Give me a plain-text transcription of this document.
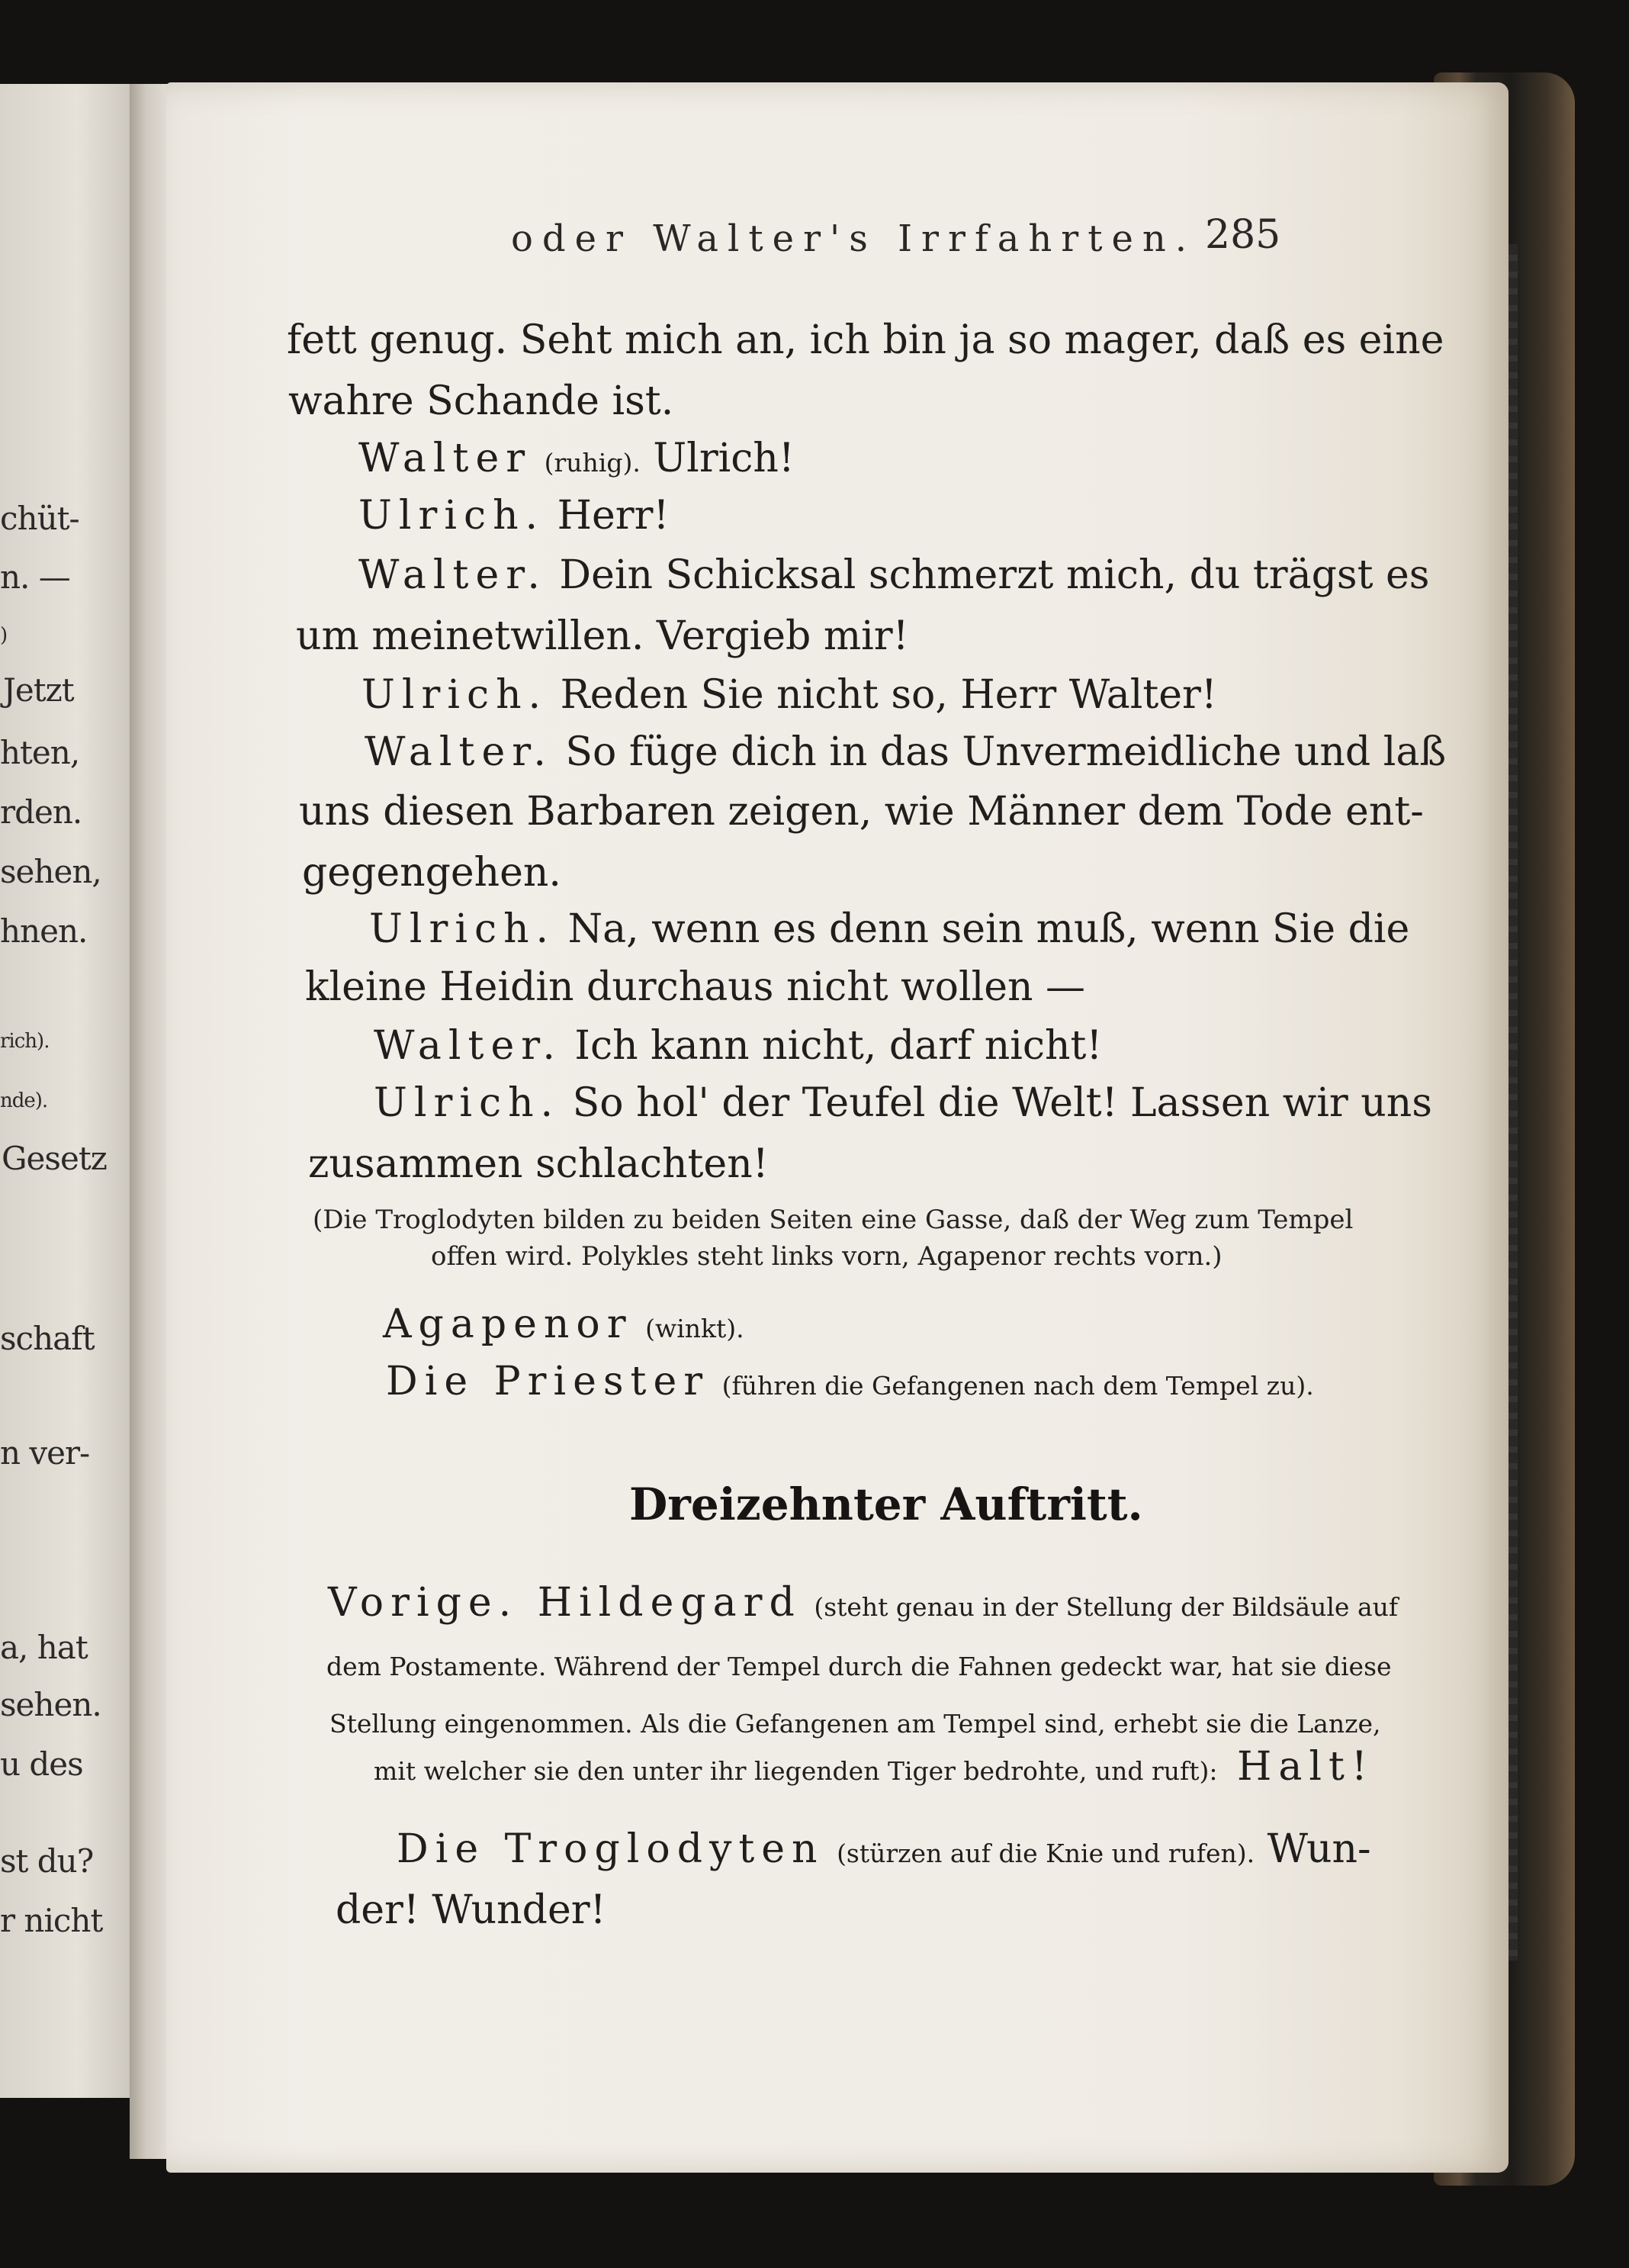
chüt-
n. —
)
Jetzt
hten,
rden.
sehen,
hnen.
rich).
nde).
Gesetz
schaft
n ver-
a, hat
sehen.
u des
st du?
r nicht
oder Walter's Irrfahrten. 285
fett genug. Seht mich an, ich bin ja so mager, daß es eine
wahre Schande ist.
Walter (ruhig). Ulrich!
Ulrich. Herr!
Walter. Dein Schicksal schmerzt mich, du trägst es
um meinetwillen. Vergieb mir!
Ulrich. Reden Sie nicht so, Herr Walter!
Walter. So füge dich in das Unvermeidliche und laß
uns diesen Barbaren zeigen, wie Männer dem Tode ent-
gegengehen.
Ulrich. Na, wenn es denn sein muß, wenn Sie die
kleine Heidin durchaus nicht wollen —
Walter. Ich kann nicht, darf nicht!
Ulrich. So hol' der Teufel die Welt! Lassen wir uns
zusammen schlachten!
(Die Troglodyten bilden zu beiden Seiten eine Gasse, daß der Weg zum Tempel
offen wird. Polykles steht links vorn, Agapenor rechts vorn.)
Agapenor (winkt).
Die Priester (führen die Gefangenen nach dem Tempel zu).
Dreizehnter Auftritt.
Vorige. Hildegard (steht genau in der Stellung der Bildsäule auf
dem Postamente. Während der Tempel durch die Fahnen gedeckt war, hat sie diese
Stellung eingenommen. Als die Gefangenen am Tempel sind, erhebt sie die Lanze,
mit welcher sie den unter ihr liegenden Tiger bedrohte, und ruft): Halt!
Die Troglodyten (stürzen auf die Knie und rufen). Wun-
der! Wunder!
